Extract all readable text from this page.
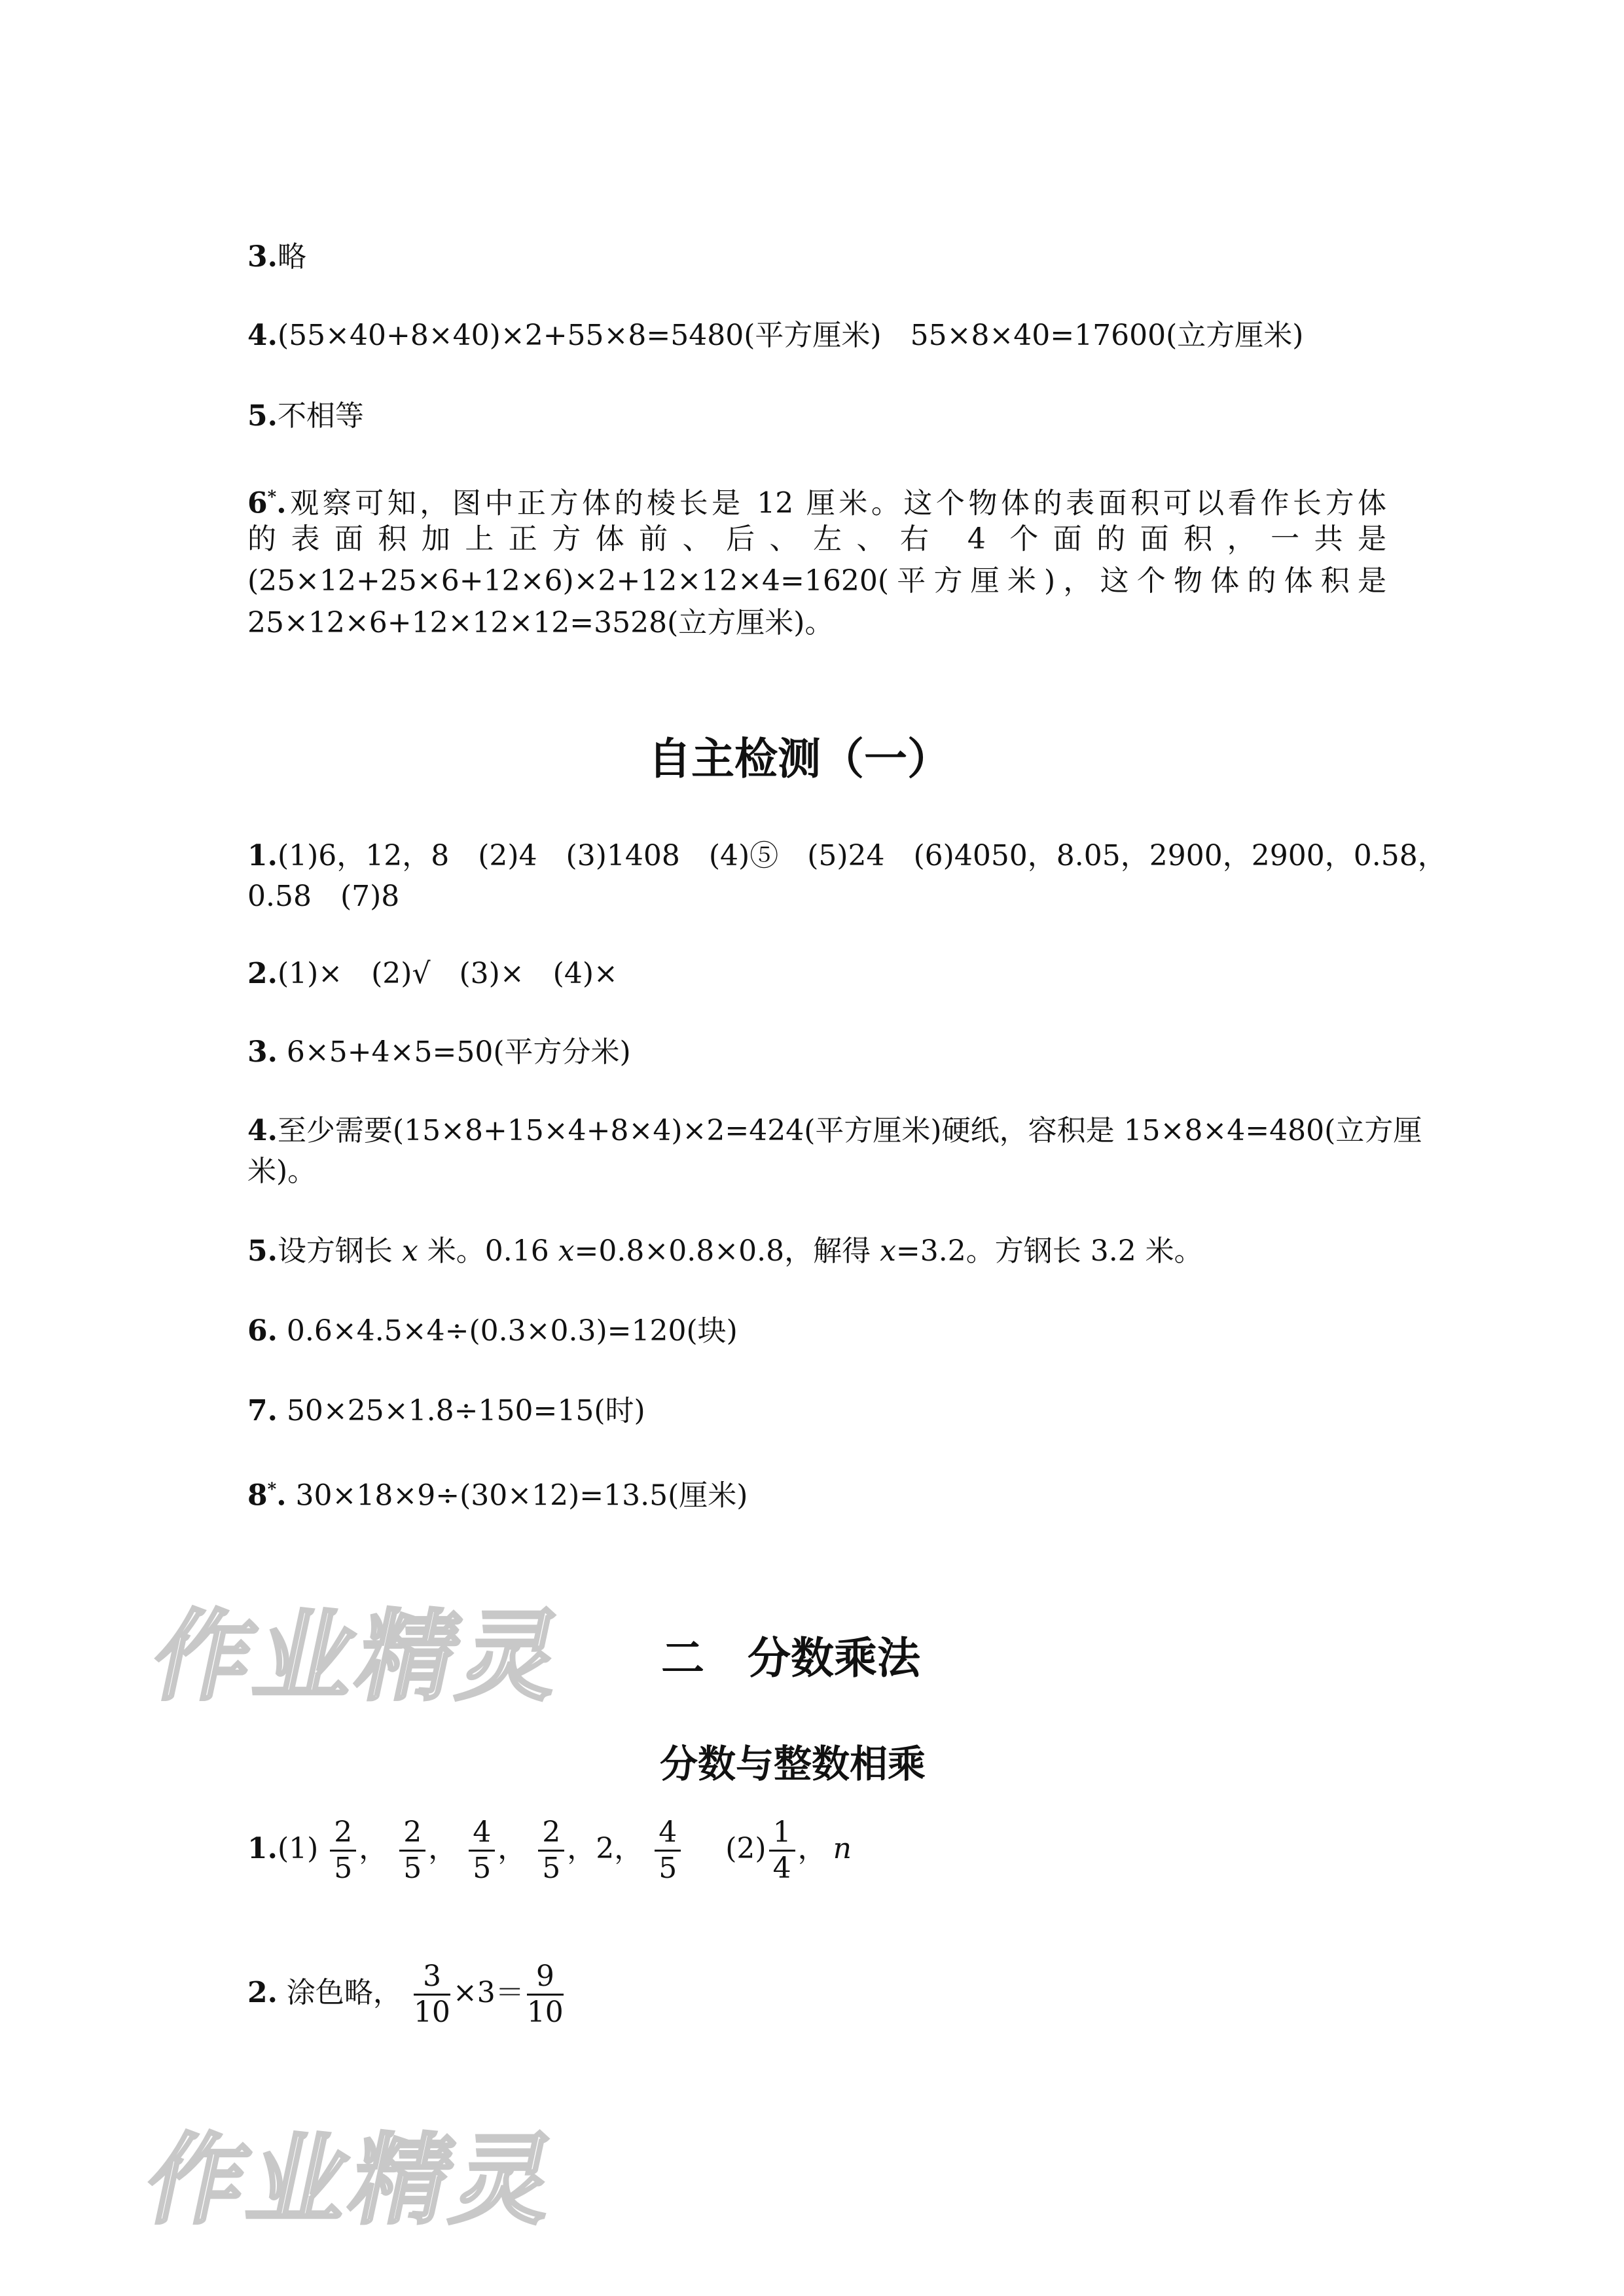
作业精灵
作业精灵
3.略
4.(55×40+8×40)×2+55×8=5480(平方厘米)　55×8×40=17600(立方厘米)
5.不相等
6*.观察可知，图中正方体的棱长是 12 厘米。这个物体的表面积可以看作长方体
的表面积加上正方体前、后、左、右 4 个面的面积，一共是
(25×12+25×6+12×6)×2+12×12×4=1620(平方厘米)，这个物体的体积是
25×12×6+12×12×12=3528(立方厘米)。
自主检测（一）
1.(1)6，12，8　(2)4　(3)1408　(4)⑤　(5)24　(6)4050，8.05，2900，2900，0.58，
0.58　(7)8
2.(1)×　(2)√　(3)×　(4)×
3. 6×5+4×5=50(平方分米)
4.至少需要(15×8+15×4+8×4)×2=424(平方厘米)硬纸，容积是 15×8×4=480(立方厘
米)。
5.设方钢长 x 米。0.16 x=0.8×0.8×0.8，解得 x=3.2。方钢长 3.2 米。
6. 0.6×4.5×4÷(0.3×0.3)=120(块)
7. 50×25×1.8÷150=15(时)
8*. 30×18×9÷(30×12)=13.5(厘米)
二　分数乘法
分数与整数相乘
$1.(1) \frac{2}{5}$ ， $\frac{2}{5}$ ， $\frac{4}{5}$ ， $\frac{2}{5}$ ，2， $\frac{4}{5} (2) \frac{1}{4}$ ， n
2. 涂色略， $\frac{3}{10} \times 3= \frac{9}{10}$
